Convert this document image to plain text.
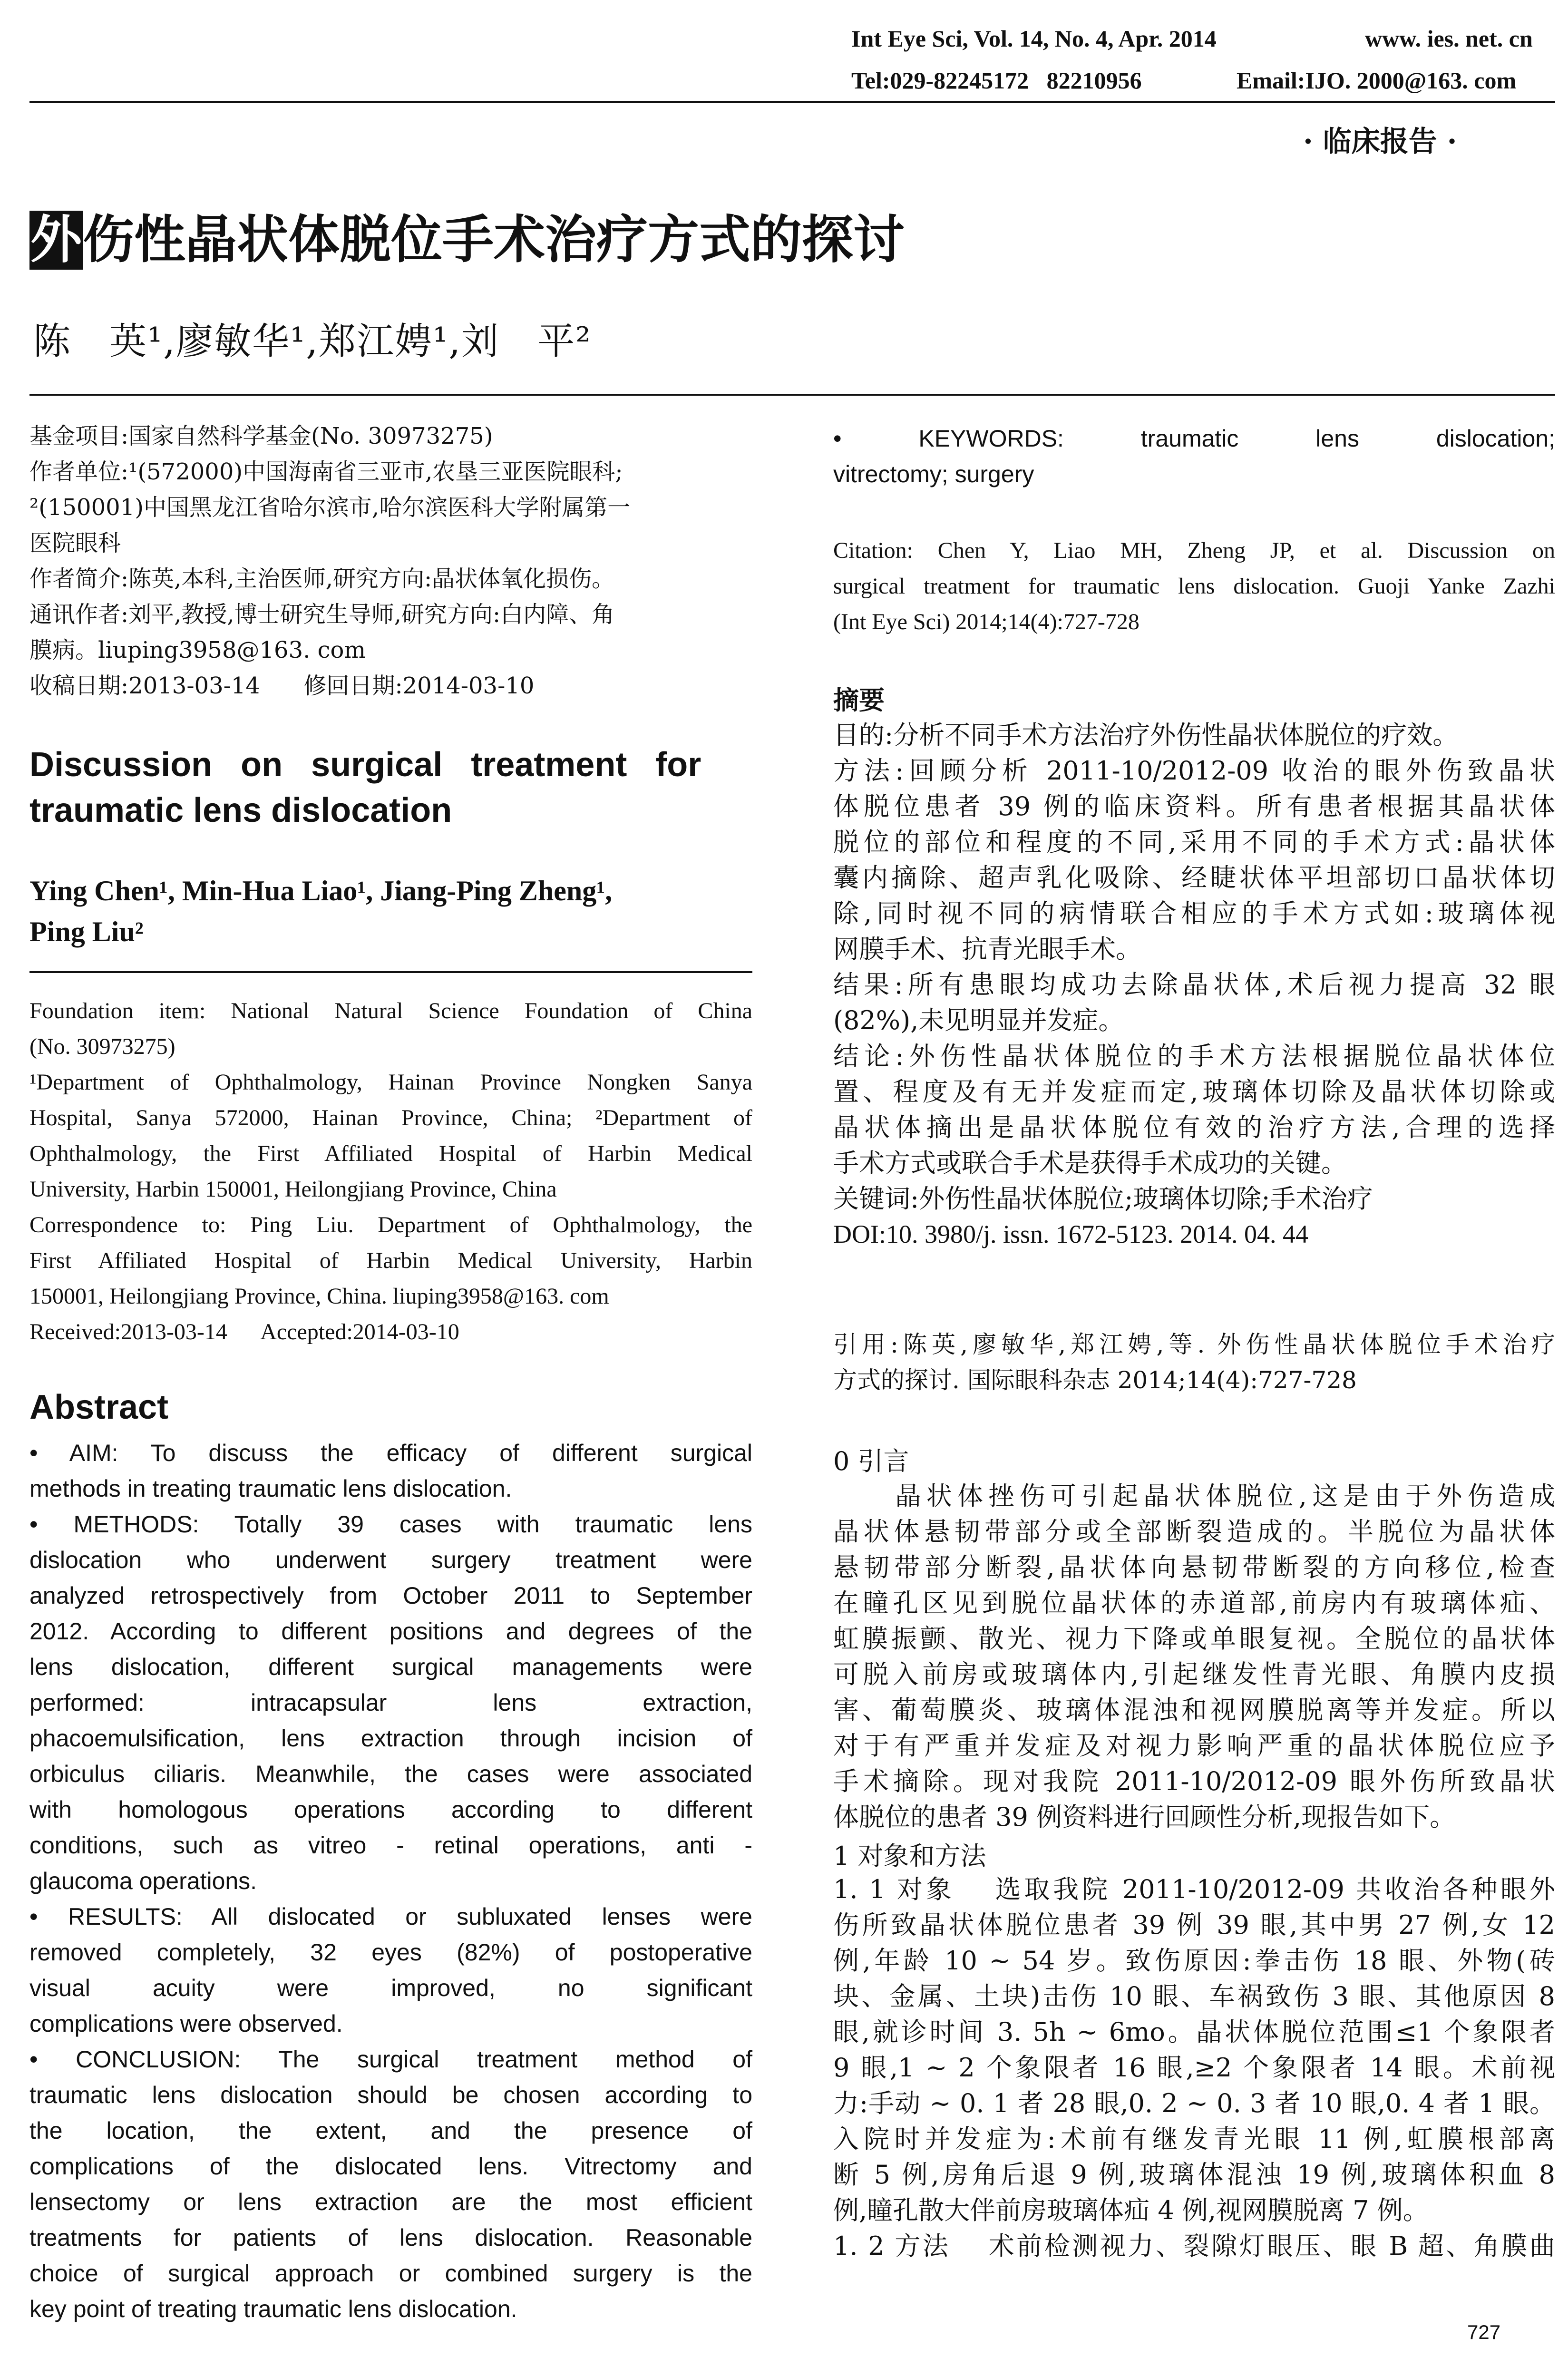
Int Eye Sci, Vol. 14, No. 4, Apr. 2014	www. ies. net. cn
Tel:029-82245172   82210956	Email:IJO. 2000@163. com
· 临床报告 ·
外 伤性晶状体脱位手术治疗方式的探讨
陈　英¹,廖敏华¹,郑江娉¹,刘　平²
基金项目:国家自然科学基金(No. 30973275)
作者单位:¹(572000)中国海南省三亚市,农垦三亚医院眼科;
²(150001)中国黑龙江省哈尔滨市,哈尔滨医科大学附属第一
医院眼科
作者简介:陈英,本科,主治医师,研究方向:晶状体氧化损伤。
通讯作者:刘平,教授,博士研究生导师,研究方向:白内障、角
膜病。liuping3958@163. com
收稿日期:2013-03-14      修回日期:2014-03-10
Discussion   on   surgical   treatment   for
traumatic lens dislocation
Ying Chen¹, Min-Hua Liao¹, Jiang-Ping Zheng¹,
Ping Liu²
Foundation item: National Natural Science Foundation of China
(No. 30973275)
¹Department of Ophthalmology, Hainan Province Nongken Sanya
Hospital, Sanya 572000, Hainan Province, China; ²Department of
Ophthalmology, the First Affiliated Hospital of Harbin Medical
University, Harbin 150001, Heilongjiang Province, China
Correspondence to: Ping Liu. Department of Ophthalmology, the
First Affiliated Hospital of Harbin Medical University, Harbin
150001, Heilongjiang Province, China. liuping3958@163. com
Received:2013-03-14      Accepted:2014-03-10
Abstract
• AIM: To discuss the efficacy of different surgical
methods in treating traumatic lens dislocation.
• METHODS: Totally 39 cases with traumatic lens
dislocation who underwent surgery treatment were
analyzed retrospectively from October 2011 to September
2012. According to different positions and degrees of the
lens dislocation, different surgical managements were
performed: intracapsular lens extraction,
phacoemulsification, lens extraction through incision of
orbiculus ciliaris. Meanwhile, the cases were associated
with homologous operations according to different
conditions, such as vitreo - retinal operations, anti -
glaucoma operations.
• RESULTS: All dislocated or subluxated lenses were
removed completely, 32 eyes (82%) of postoperative
visual acuity were improved, no significant
complications were observed.
• CONCLUSION: The surgical treatment method of
traumatic lens dislocation should be chosen according to
the location, the extent, and the presence of
complications of the dislocated lens. Vitrectomy and
lensectomy or lens extraction are the most efficient
treatments for patients of lens dislocation. Reasonable
choice of surgical approach or combined surgery is the
key point of treating traumatic lens dislocation.
• KEYWORDS: traumatic lens dislocation;
vitrectomy; surgery
Citation: Chen Y, Liao MH, Zheng JP, et al. Discussion on
surgical treatment for traumatic lens dislocation. Guoji Yanke Zazhi
(Int Eye Sci) 2014;14(4):727-728
摘要
目的:分析不同手术方法治疗外伤性晶状体脱位的疗效。
方法:回顾分析 2011-10/2012-09 收治的眼外伤致晶状
体脱位患者 39 例的临床资料。所有患者根据其晶状体
脱位的部位和程度的不同,采用不同的手术方式:晶状体
囊内摘除、超声乳化吸除、经睫状体平坦部切口晶状体切
除,同时视不同的病情联合相应的手术方式如:玻璃体视
网膜手术、抗青光眼手术。
结果:所有患眼均成功去除晶状体,术后视力提高 32 眼
(82%),未见明显并发症。
结论:外伤性晶状体脱位的手术方法根据脱位晶状体位
置、程度及有无并发症而定,玻璃体切除及晶状体切除或
晶状体摘出是晶状体脱位有效的治疗方法,合理的选择
手术方式或联合手术是获得手术成功的关键。
关键词:外伤性晶状体脱位;玻璃体切除;手术治疗
DOI:10. 3980/j. issn. 1672-5123. 2014. 04. 44
引用:陈英,廖敏华,郑江娉,等. 外伤性晶状体脱位手术治疗
方式的探讨. 国际眼科杂志 2014;14(4):727-728
0 引言
　　晶状体挫伤可引起晶状体脱位,这是由于外伤造成
晶状体悬韧带部分或全部断裂造成的。半脱位为晶状体
悬韧带部分断裂,晶状体向悬韧带断裂的方向移位,检查
在瞳孔区见到脱位晶状体的赤道部,前房内有玻璃体疝、
虹膜振颤、散光、视力下降或单眼复视。全脱位的晶状体
可脱入前房或玻璃体内,引起继发性青光眼、角膜内皮损
害、葡萄膜炎、玻璃体混浊和视网膜脱离等并发症。所以
对于有严重并发症及对视力影响严重的晶状体脱位应予
手术摘除。现对我院 2011-10/2012-09 眼外伤所致晶状
体脱位的患者 39 例资料进行回顾性分析,现报告如下。
1 对象和方法
1. 1 对象　 选取我院 2011-10/2012-09 共收治各种眼外
伤所致晶状体脱位患者 39 例 39 眼,其中男 27 例,女 12
例,年龄 10 ~ 54 岁。致伤原因:拳击伤 18 眼、外物(砖
块、金属、土块)击伤 10 眼、车祸致伤 3 眼、其他原因 8
眼,就诊时间 3. 5h ~ 6mo。晶状体脱位范围≤1 个象限者
9 眼,1 ~ 2 个象限者 16 眼,≥2 个象限者 14 眼。术前视
力:手动 ~ 0. 1 者 28 眼,0. 2 ~ 0. 3 者 10 眼,0. 4 者 1 眼。
入院时并发症为:术前有继发青光眼 11 例,虹膜根部离
断 5 例,房角后退 9 例,玻璃体混浊 19 例,玻璃体积血 8
例,瞳孔散大伴前房玻璃体疝 4 例,视网膜脱离 7 例。
1. 2 方法　 术前检测视力、裂隙灯眼压、眼 B 超、角膜曲
727
